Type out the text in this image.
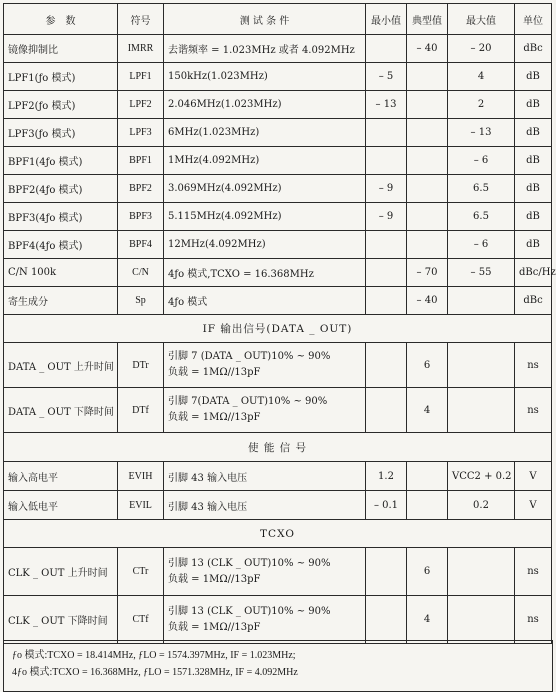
参　数	符号	测 试 条 件	最小值	典型值	最大值	单位
镜像抑制比	IMRR	去谐频率 = 1.023MHz 或者 4.092MHz		– 40	– 20	dBc
LPF1(ƒo 模式)	LPF1	150kHz(1.023MHz)	– 5		4	dB
LPF2(ƒo 模式)	LPF2	2.046MHz(1.023MHz)	– 13		2	dB
LPF3(ƒo 模式)	LPF3	6MHz(1.023MHz)			– 13	dB
BPF1(4ƒo 模式)	BPF1	1MHz(4.092MHz)			– 6	dB
BPF2(4ƒo 模式)	BPF2	3.069MHz(4.092MHz)	– 9		6.5	dB
BPF3(4ƒo 模式)	BPF3	5.115MHz(4.092MHz)	– 9		6.5	dB
BPF4(4ƒo 模式)	BPF4	12MHz(4.092MHz)			– 6	dB
C/N 100k	C/N	4ƒo 模式,TCXO = 16.368MHz		– 70	– 55	dBc/Hz
寄生成分	Sp	4ƒo 模式		– 40		dBc
IF 输出信号(DATA _ OUT)						
DATA _ OUT 上升时间	DTr	引脚 7 (DATA _ OUT)10% ~ 90%
负载 = 1MΩ//13pF		6		ns
DATA _ OUT 下降时间	DTf	引脚 7(DATA _ OUT)10% ~ 90%
负载 = 1MΩ//13pF		4		ns
使 能 信 号						
输入高电平	EVIH	引脚 43 输入电压	1.2		VCC2 + 0.2	V
输入低电平	EVIL	引脚 43 输入电压	– 0.1		0.2	V
TCXO						
CLK _ OUT 上升时间	CTr	引脚 13 (CLK _ OUT)10% ~ 90%
负载 = 1MΩ//13pF		6		ns
CLK _ OUT 下降时间	CTf	引脚 13 (CLK _ OUT)10% ~ 90%
负载 = 1MΩ//13pF		4		ns
ƒo 模式:TCXO = 18.414MHz, ƒLO = 1574.397MHz, IF = 1.023MHz;
4ƒo 模式:TCXO = 16.368MHz, ƒLO = 1571.328MHz, IF = 4.092MHz
